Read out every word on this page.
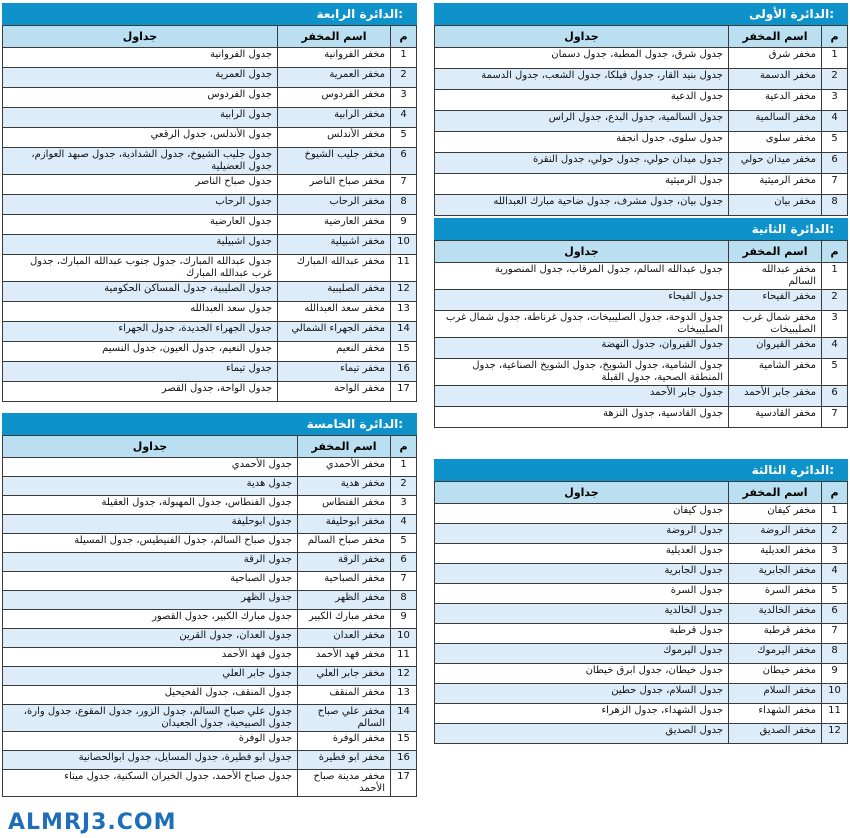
الدائرة الأولى:
م	اسم المخفر	جداول
1	مخفر شرق	جدول شرق، جدول المطبة، جدول دسمان
2	مخفر الدسمة	جدول بنيد القار، جدول فيلكا، جدول الشعب، جدول الدسمة
3	مخفر الدعية	جدول الدعية
4	مخفر السالمية	جدول السالمية، جدول البدع، جدول الراس
5	مخفر سلوى	جدول سلوى، جدول انجفة
6	مخفر ميدان حولي	جدول ميدان حولي، جدول حولي، جدول النقرة
7	مخفر الرميثية	جدول الرميثية
8	مخفر بيان	جدول بيان، جدول مشرف، جدول ضاحية مبارك العبدالله
الدائرة الثانية:
م	اسم المخفر	جداول
1	مخفر عبدالله السالم	جدول عبدالله السالم، جدول المرقاب، جدول المنصورية
2	مخفر الفيحاء	جدول الفيحاء
3	مخفر شمال غرب الصليبيخات	جدول الدوحة، جدول الصليبيخات، جدول غرناطة، جدول شمال غرب الصليبيخات
4	مخفر القيروان	جدول القيروان، جدول النهضة
5	مخفر الشامية	جدول الشامية، جدول الشويخ، جدول الشويخ الصناعية، جدول المنطقة الصحية، جدول القبلة
6	مخفر جابر الأحمد	جدول جابر الأحمد
7	مخفر القادسية	جدول القادسية، جدول النزهة
الدائرة الثالثة:
م	اسم المخفر	جداول
1	مخفر كيفان	جدول كيفان
2	مخفر الروضة	جدول الروضة
3	مخفر العديلية	جدول العديلية
4	مخفر الجابرية	جدول الجابرية
5	مخفر السرة	جدول السرة
6	مخفر الخالدية	جدول الخالدية
7	مخفر قرطبة	جدول قرطبة
8	مخفر اليرموك	جدول اليرموك
9	مخفر خيطان	جدول خيطان، جدول ابرق خيطان
10	مخفر السلام	جدول السلام، جدول حطين
11	مخفر الشهداء	جدول الشهداء، جدول الزهراء
12	مخفر الصديق	جدول الصديق
الدائرة الرابعة:
م	اسم المخفر	جداول
1	مخفر الفروانية	جدول الفروانية
2	مخفر العمرية	جدول العمرية
3	مخفر الفردوس	جدول الفردوس
4	مخفر الرابية	جدول الرابية
5	مخفر الأندلس	جدول الأندلس، جدول الرقعي
6	مخفر جليب الشيوخ	جدول جليب الشيوخ، جدول الشدادية، جدول صبهد العوازم، جدول العضيلية
7	مخفر صباح الناصر	جدول صباح الناصر
8	مخفر الرحاب	جدول الرحاب
9	مخفر العارضية	جدول العارضية
10	مخفر اشبيلية	جدول اشبيلية
11	مخفر عبدالله المبارك	جدول عبدالله المبارك، جدول جنوب عبدالله المبارك، جدول غرب عبدالله المبارك
12	مخفر الصليبية	جدول الصليبية، جدول المساكن الحكومية
13	مخفر سعد العبدالله	جدول سعد العبدالله
14	مخفر الجهراء الشمالي	جدول الجهراء الجديدة، جدول الجهراء
15	مخفر النعيم	جدول النعيم، جدول العيون، جدول النسيم
16	مخفر تيماء	جدول تيماء
17	مخفر الواحة	جدول الواحة، جدول القصر
الدائرة الخامسة:
م	اسم المخفر	جداول
1	مخفر الأحمدي	جدول الأحمدي
2	مخفر هدية	جدول هدية
3	مخفر الفنطاس	جدول الفنطاس، جدول المهبولة، جدول العقيلة
4	مخفر ابوحليفة	جدول ابوحليفة
5	مخفر صباح السالم	جدول صباح السالم، جدول الفنيطيس، جدول المسيلة
6	مخفر الرقة	جدول الرقة
7	مخفر الصباحية	جدول الصباحية
8	مخفر الظهر	جدول الظهر
9	مخفر مبارك الكبير	جدول مبارك الكبير، جدول القصور
10	مخفر العدان	جدول العدان، جدول القرين
11	مخفر فهد الأحمد	جدول فهد الأحمد
12	مخفر جابر العلي	جدول جابر العلي
13	مخفر المنقف	جدول المنقف، جدول الفحيحيل
14	مخفر علي صباح السالم	جدول علي صباح السالم، جدول الزور، جدول المقوع، جدول وارة، جدول الصبيحية، جدول الجعيدان
15	مخفر الوفرة	جدول الوفرة
16	مخفر ابو فطيرة	جدول ابو فطيرة، جدول المسايل، جدول ابوالحصانية
17	مخفر مدينة صباح الأحمد	جدول صباح الأحمد، جدول الخيران السكنية، جدول ميناء
ALMRJ3.COM
